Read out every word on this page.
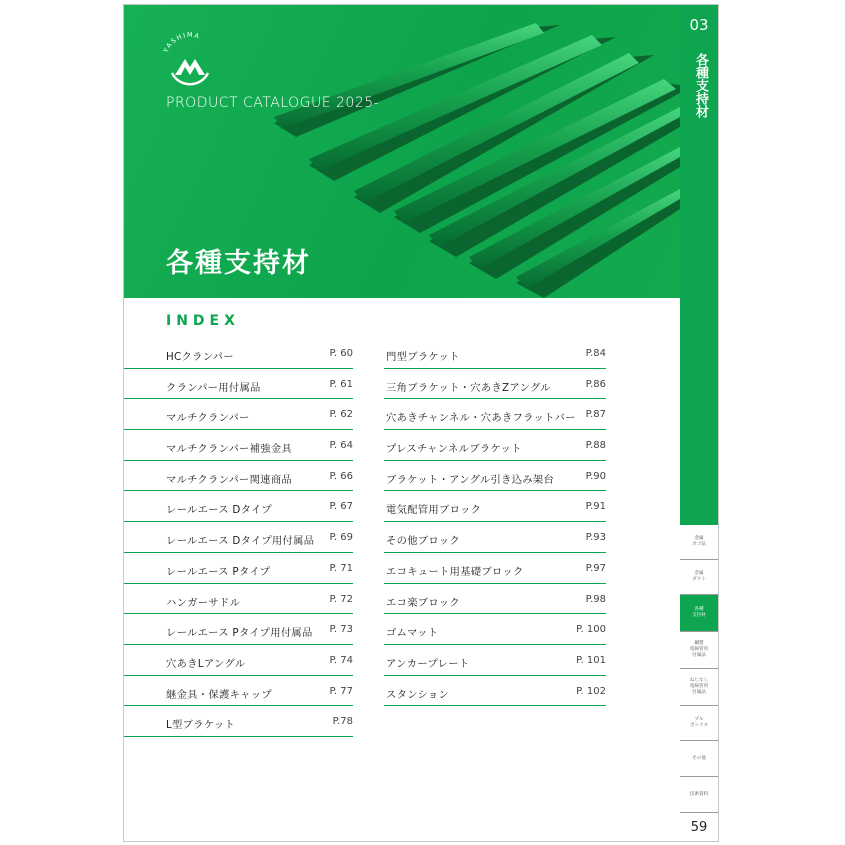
YASHIMA
PRODUCT CATALOGUE 2025-
各種支持材
INDEX
HCクランパー	P. 60
クランパー用付属品	P. 61
マルチクランパー	P. 62
マルチクランパー補強金具	P. 64
マルチクランパー関連商品	P. 66
レールエース Dタイプ	P. 67
レールエース Dタイプ用付属品 P. 69
レールエース Pタイプ	P. 71
ハンガーサドル	P. 72
レールエース Pタイプ用付属品 P. 73
穴あきLアングル	P. 74
継金具・保護キャップ	P. 77
L型ブラケット	P.78
門型ブラケット	P.84
三角ブラケット・穴あきZアングル	P.86
穴あきチャンネル・穴あきフラットバー P.87
プレスチャンネルブラケット	P.88
ブラケット・アングル引き込み架台	P.90
電気配管用ブロック	P.91
その他ブロック	P.93
エコキュート用基礎ブロック	P.97
エコ楽ブロック	P.98
ゴムマット	P. 100
アンカープレート	P. 101
スタンション	P. 102
03
各種支持材
金属
カゴ品
金属
ダクト
各種
支持材
鋼製
電線管用
付属品
ねじなし
電線管用
付属品
プル
ボックス
その他
技術資料
59
